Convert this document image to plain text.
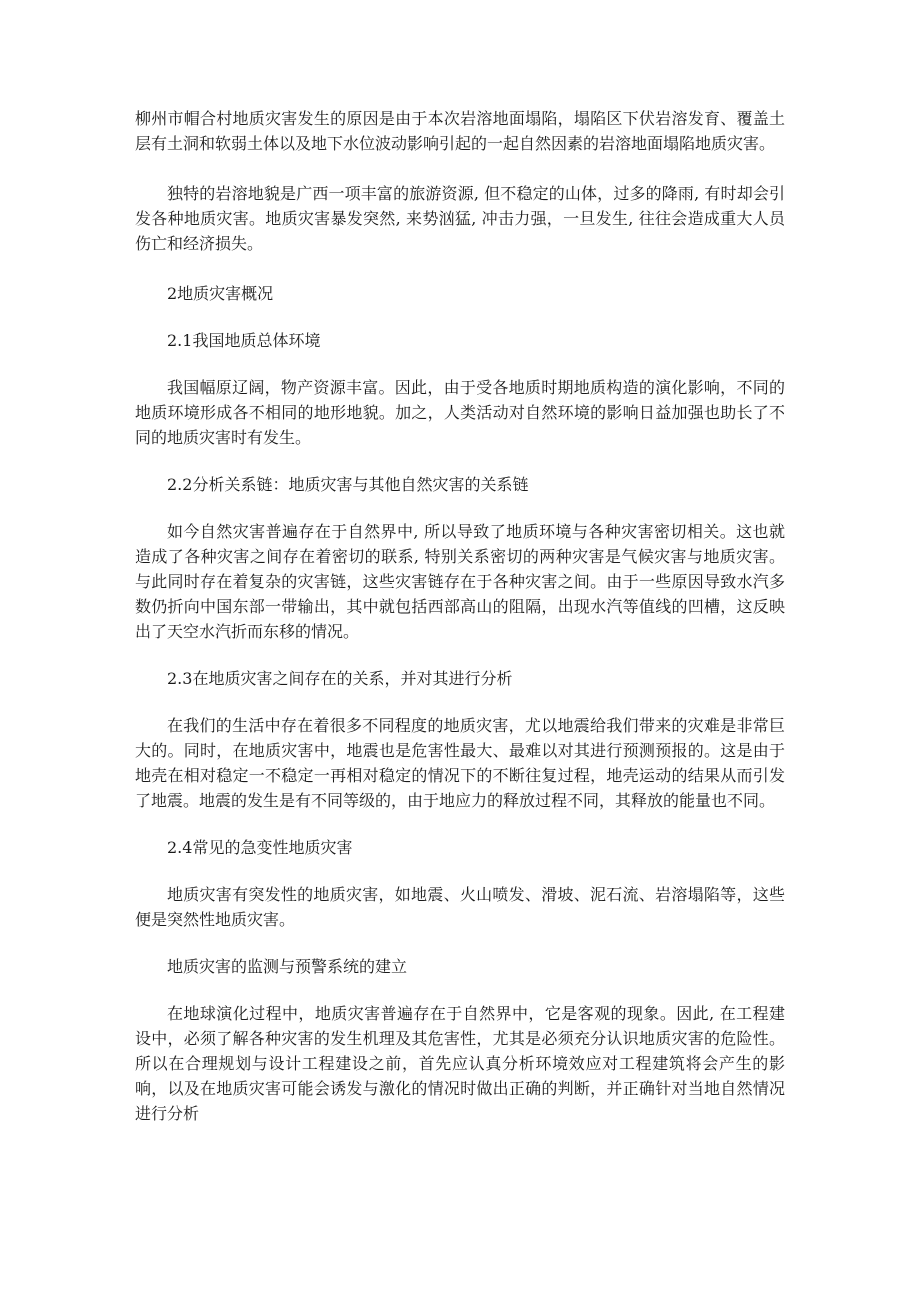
柳州市帽合村地质灾害发生的原因是由于本次岩溶地面塌陷，塌陷区下伏岩溶发育、覆盖土层有土洞和软弱土体以及地下水位波动影响引起的一起自然因素的岩溶地面塌陷地质灾害。

独特的岩溶地貌是广西一项丰富的旅游资源, 但不稳定的山体，过多的降雨, 有时却会引发各种地质灾害。地质灾害暴发突然, 来势汹猛, 冲击力强，一旦发生, 往往会造成重大人员伤亡和经济损失。

2地质灾害概况

2.1我国地质总体环境

我国幅原辽阔，物产资源丰富。因此，由于受各地质时期地质构造的演化影响，不同的地质环境形成各不相同的地形地貌。加之，人类活动对自然环境的影响日益加强也助长了不同的地质灾害时有发生。

2.2分析关系链：地质灾害与其他自然灾害的关系链

如今自然灾害普遍存在于自然界中, 所以导致了地质环境与各种灾害密切相关。这也就造成了各种灾害之间存在着密切的联系, 特别关系密切的两种灾害是气候灾害与地质灾害。与此同时存在着复杂的灾害链，这些灾害链存在于各种灾害之间。由于一些原因导致水汽多数仍折向中国东部一带输出，其中就包括西部高山的阻隔，出现水汽等值线的凹槽，这反映出了天空水汽折而东移的情况。

2.3在地质灾害之间存在的关系，并对其进行分析

在我们的生活中存在着很多不同程度的地质灾害，尤以地震给我们带来的灾难是非常巨大的。同时，在地质灾害中，地震也是危害性最大、最难以对其进行预测预报的。这是由于地壳在相对稳定一不稳定一再相对稳定的情况下的不断往复过程，地壳运动的结果从而引发了地震。地震的发生是有不同等级的，由于地应力的释放过程不同，其释放的能量也不同。

2.4常见的急变性地质灾害

地质灾害有突发性的地质灾害，如地震、火山喷发、滑坡、泥石流、岩溶塌陷等，这些便是突然性地质灾害。

地质灾害的监测与预警系统的建立

在地球演化过程中，地质灾害普遍存在于自然界中，它是客观的现象。因此, 在工程建设中，必须了解各种灾害的发生机理及其危害性，尤其是必须充分认识地质灾害的危险性。所以在合理规划与设计工程建设之前，首先应认真分析环境效应对工程建筑将会产生的影响，以及在地质灾害可能会诱发与激化的情况时做出正确的判断，并正确针对当地自然情况进行分析
